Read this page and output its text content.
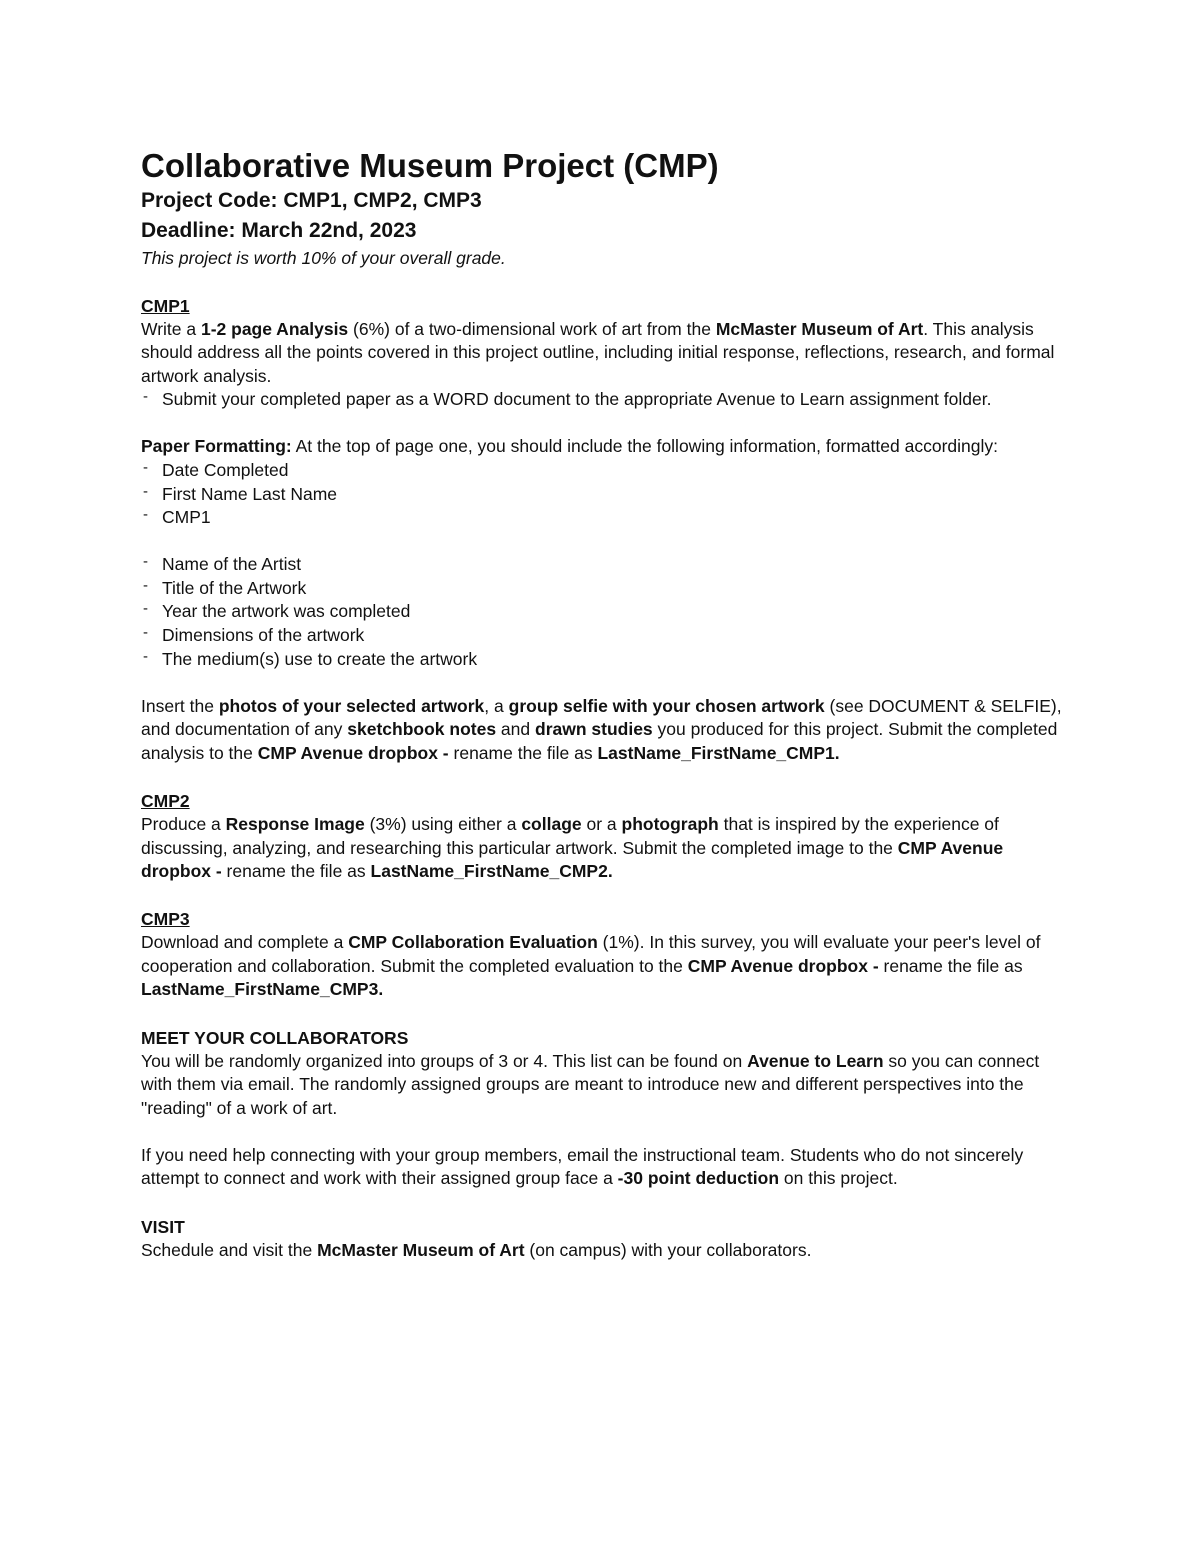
Collaborative Museum Project (CMP)
Project Code: CMP1, CMP2, CMP3
Deadline: March 22nd, 2023
This project is worth 10% of your overall grade.
CMP1

Write a 1-2 page Analysis (6%) of a two-dimensional work of art from the McMaster Museum of Art. This analysis should address all the points covered in this project outline, including initial response, reflections, research, and formal artwork analysis.

- Submit your completed paper as a WORD document to the appropriate Avenue to Learn assignment folder.

Paper Formatting: At the top of page one, you should include the following information, formatted accordingly:

- Date Completed
- First Name Last Name
- CMP1
- Name of the Artist
- Title of the Artwork
- Year the artwork was completed
- Dimensions of the artwork
- The medium(s) use to create the artwork

Insert the photos of your selected artwork, a group selfie with your chosen artwork (see DOCUMENT & SELFIE), and documentation of any sketchbook notes and drawn studies you produced for this project. Submit the completed analysis to the CMP Avenue dropbox - rename the file as LastName_FirstName_CMP1.

CMP2

Produce a Response Image (3%) using either a collage or a photograph that is inspired by the experience of discussing, analyzing, and researching this particular artwork. Submit the completed image to the CMP Avenue dropbox - rename the file as LastName_FirstName_CMP2.

CMP3

Download and complete a CMP Collaboration Evaluation (1%). In this survey, you will evaluate your peer's level of cooperation and collaboration. Submit the completed evaluation to the CMP Avenue dropbox - rename the file as LastName_FirstName_CMP3.

MEET YOUR COLLABORATORS

You will be randomly organized into groups of 3 or 4. This list can be found on Avenue to Learn so you can connect with them via email. The randomly assigned groups are meant to introduce new and different perspectives into the "reading" of a work of art.

If you need help connecting with your group members, email the instructional team. Students who do not sincerely attempt to connect and work with their assigned group face a -30 point deduction on this project.

VISIT

Schedule and visit the McMaster Museum of Art (on campus) with your collaborators.
